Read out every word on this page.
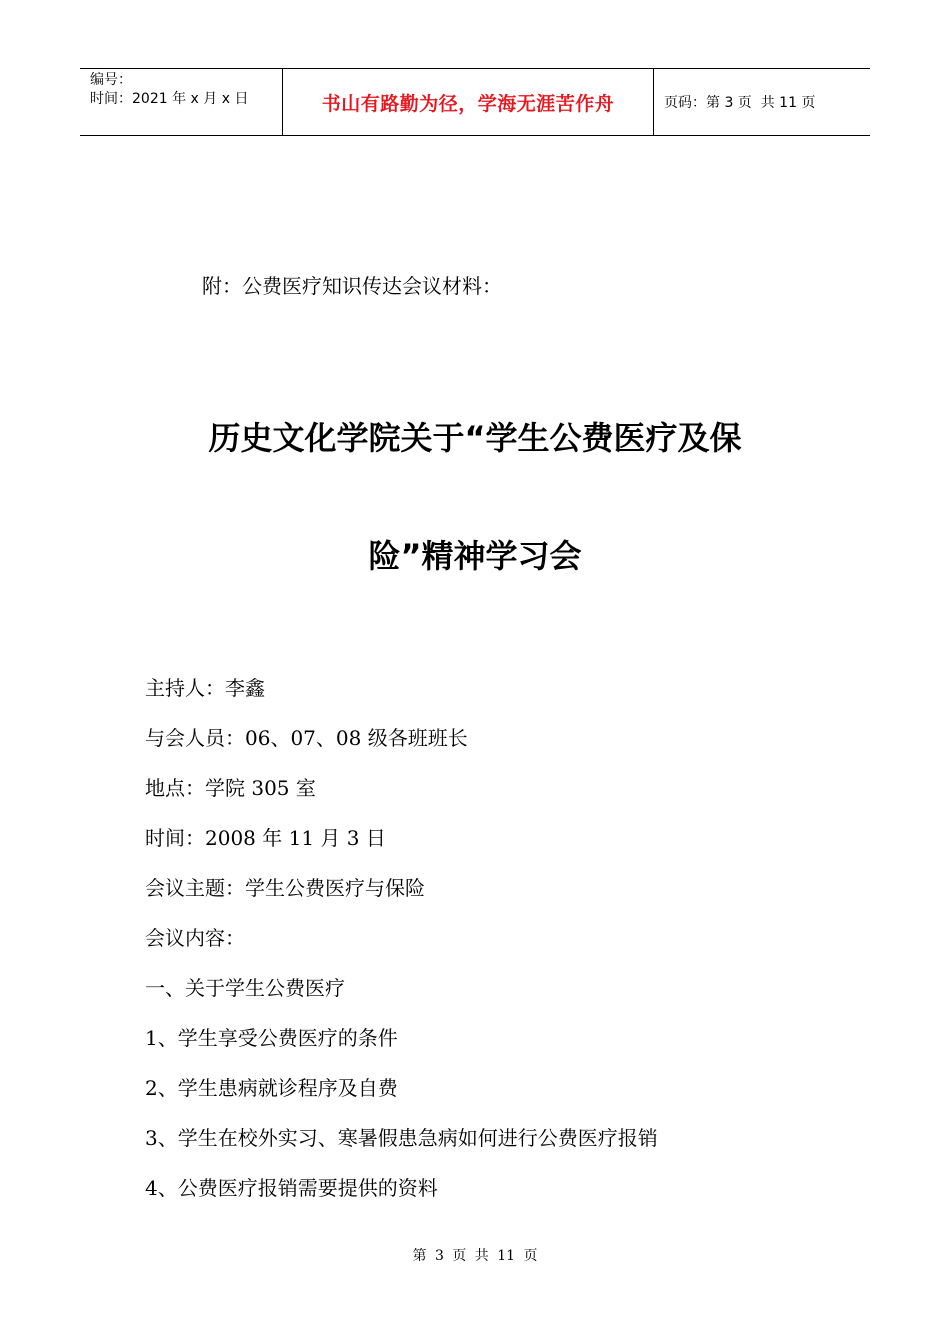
编号：
时间：2021 年 x 月 x 日	书山有路勤为径，学海无涯苦作舟	页码：第 3 页  共 11 页
附：公费医疗知识传达会议材料：
历史文化学院关于“学生公费医疗及保
险”精神学习会
主持人：李鑫
与会人员：06、07、08 级各班班长
地点：学院 305 室
时间：2008 年 11 月 3 日
会议主题：学生公费医疗与保险
会议内容：
一、关于学生公费医疗
1、学生享受公费医疗的条件
2、学生患病就诊程序及自费
3、学生在校外实习、寒暑假患急病如何进行公费医疗报销
4、公费医疗报销需要提供的资料
第 3 页 共 11 页
